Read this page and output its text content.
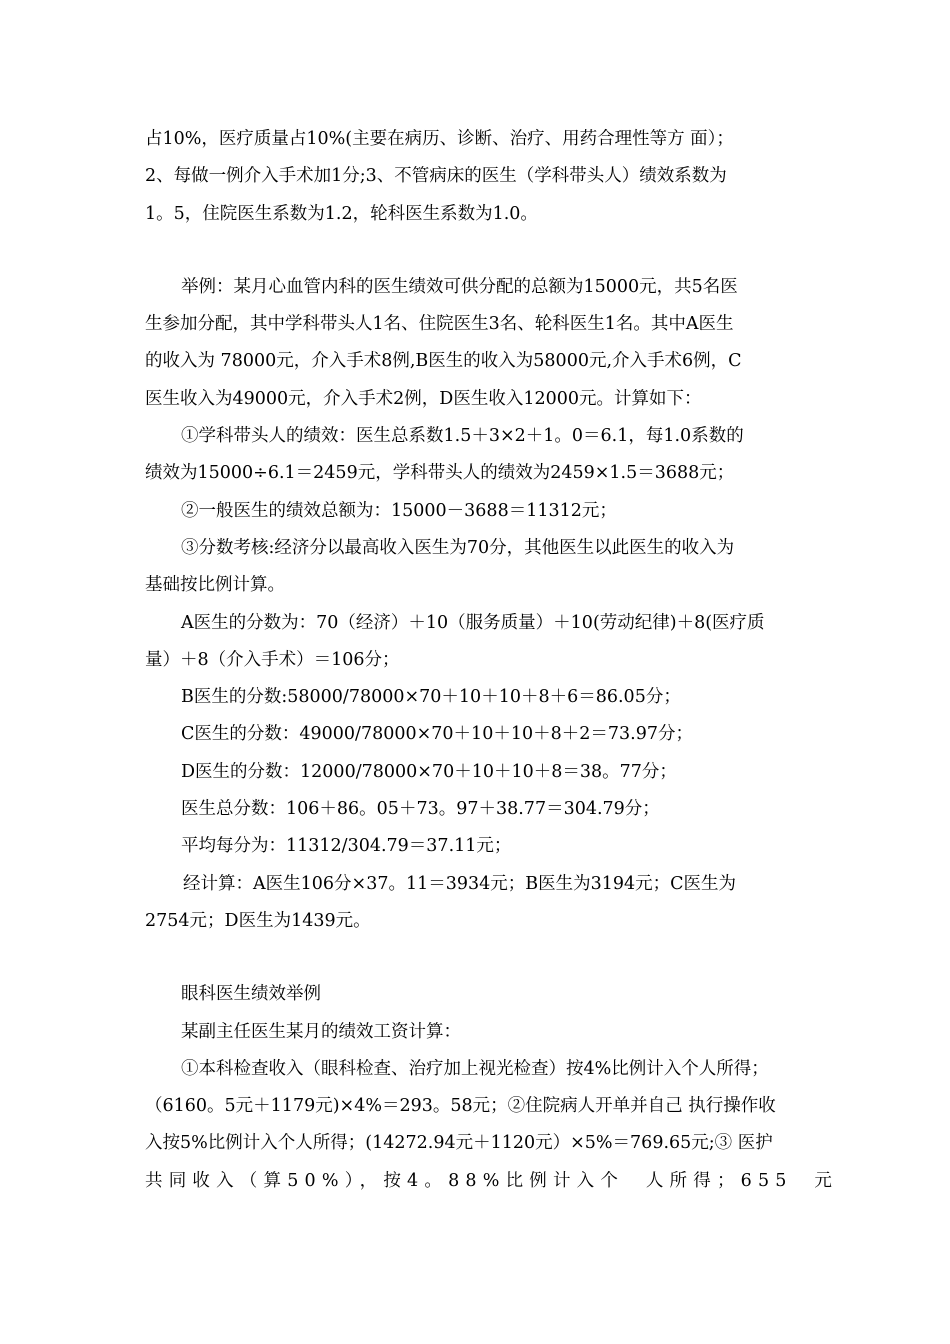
占10%，医疗质量占10%(主要在病历、诊断、治疗、用药合理性等方 面）；
2、每做一例介入手术加1分;3、不管病床的医生（学科带头人）绩效系数为
1。5，住院医生系数为1.2，轮科医生系数为1.0。
举例：某月心血管内科的医生绩效可供分配的总额为15000元，共5名医
生参加分配，其中学科带头人1名、住院医生3名、轮科医生1名。其中A医生
的收入为 78000元，介入手术8例,B医生的收入为58000元,介入手术6例，C
医生收入为49000元，介入手术2例，D医生收入12000元。计算如下：
①学科带头人的绩效：医生总系数1.5＋3×2＋1。0＝6.1，每1.0系数的
绩效为15000÷6.1＝2459元，学科带头人的绩效为2459×1.5＝3688元；
②一般医生的绩效总额为：15000－3688＝11312元；
③分数考核:经济分以最高收入医生为70分，其他医生以此医生的收入为
基础按比例计算。
A医生的分数为：70（经济）＋10（服务质量）＋10(劳动纪律)＋8(医疗质
量）＋8（介入手术）＝106分；
B医生的分数:58000/78000×70＋10＋10＋8＋6＝86.05分；
C医生的分数：49000/78000×70＋10＋10＋8＋2＝73.97分；
D医生的分数：12000/78000×70＋10＋10＋8＝38。77分；
医生总分数：106＋86。05＋73。97＋38.77＝304.79分；
平均每分为：11312/304.79＝37.11元；
经计算：A医生106分×37。11＝3934元；B医生为3194元；C医生为
2754元；D医生为1439元。
眼科医生绩效举例
某副主任医生某月的绩效工资计算：
①本科检查收入（眼科检查、治疗加上视光检查）按4%比例计入个人所得；
（6160。5元＋1179元)×4%＝293。58元；②住院病人开单并自己 执行操作收
入按5%比例计入个人所得；(14272.94元＋1120元）×5%＝769.65元;③ 医护
共同收入（算50%），按4。88%比例计入个 人所得；655 元
